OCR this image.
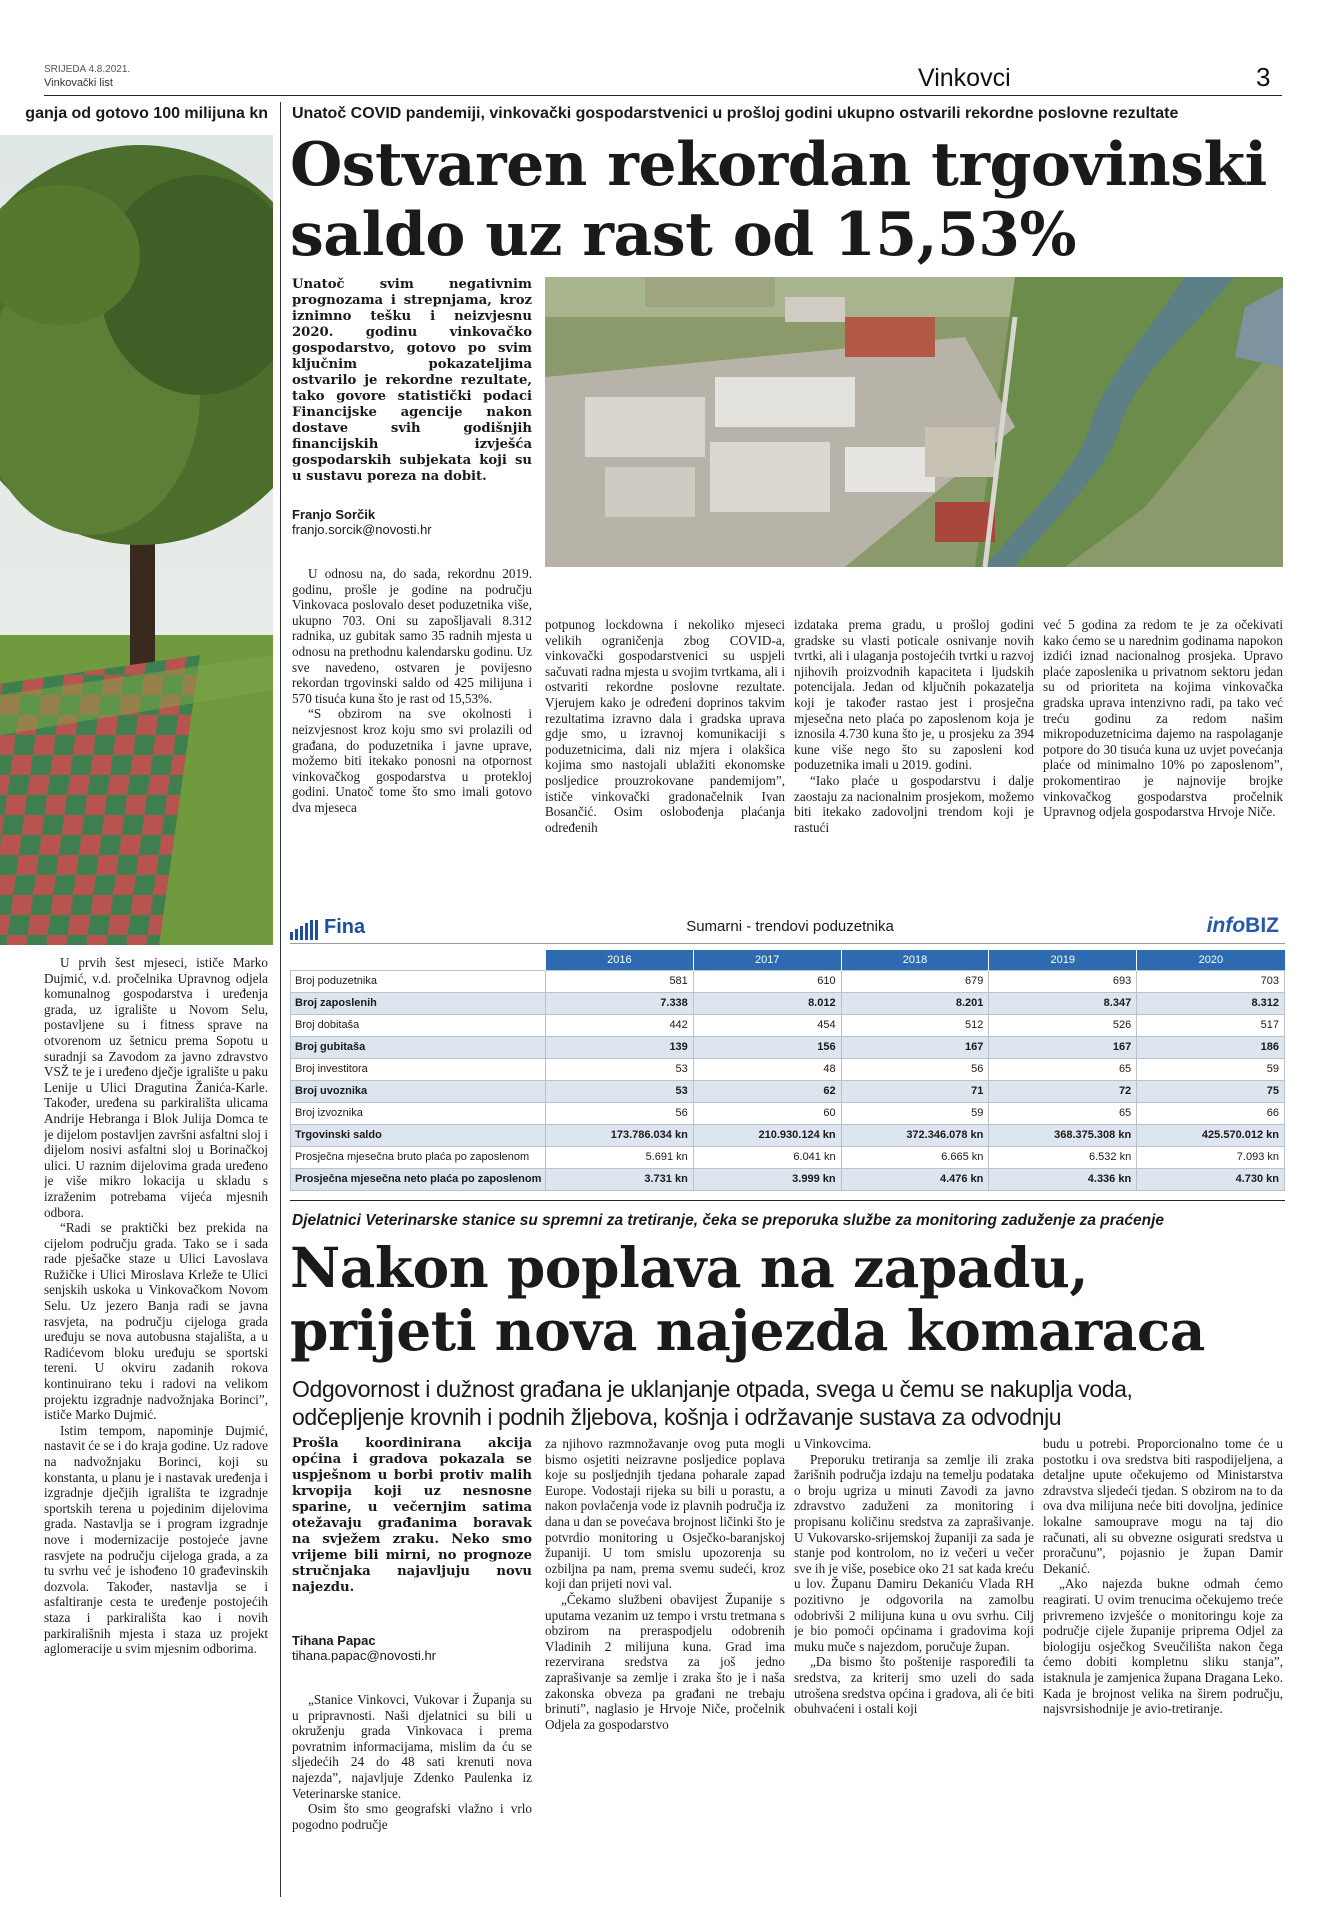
SRIJEDA 4.8.2021.
Vinkovački list	Vinkovci	3
ganja od gotovo 100 milijuna kn

U prvih šest mjeseci, ističe Marko Dujmić, v.d. pročelnika Upravnog odjela komunalnog gospodarstva i uređenja grada, uz igralište u Novom Selu, postavljene su i fitness sprave na otvorenom uz šetnicu prema Sopotu u suradnji sa Zavodom za javno zdravstvo VSŽ te je i uređeno dječje igralište u paku Lenije u Ulici Dragutina Žanića-Karle. Također, uređena su parkirališta ulicama Andrije Hebranga i Blok Julija Domca te je dijelom postavljen završni asfaltni sloj i dijelom nosivi asfaltni sloj u Borinačkoj ulici. U raznim dijelovima grada uređeno je više mikro lokacija u skladu s izraženim potrebama vijeća mjesnih odbora.

“Radi se praktički bez prekida na cijelom području grada. Tako se i sada rade pješačke staze u Ulici Lavoslava Ružičke i Ulici Miroslava Krleže te Ulici senjskih uskoka u Vinkovačkom Novom Selu. Uz jezero Banja radi se javna rasvjeta, na području cijeloga grada uređuju se nova autobusna stajališta, a u Radićevom bloku uređuju se sportski tereni. U okviru zadanih rokova kontinuirano teku i radovi na velikom projektu izgradnje nadvožnjaka Borinci”, ističe Marko Dujmić.

Istim tempom, napominje Dujmić, nastavit će se i do kraja godine. Uz radove na nadvožnjaku Borinci, koji su konstanta, u planu je i nastavak uređenja i izgradnje dječjih igrališta te izgradnje sportskih terena u pojedinim dijelovima grada. Nastavlja se i program izgradnje nove i modernizacije postojeće javne rasvjete na području cijeloga grada, a za tu svrhu već je ishođeno 10 građevinskih dozvola. Također, nastavlja se i asfaltiranje cesta te uređenje postojećih staza i parkirališta kao i novih parkirališnih mjesta i staza uz projekt aglomeracije u svim mjesnim odborima.

Unatoč COVID pandemiji, vinkovački gospodarstvenici u prošloj godini ukupno ostvarili rekordne poslovne rezultate
Ostvaren rekordan trgovinski
saldo uz rast od 15,53%
Unatoč svim negativnim prognozama i strepnjama, kroz iznimno tešku i neizvjesnu 2020. godinu vinkovačko gospodarstvo, gotovo po svim ključnim pokazateljima ostvarilo je rekordne rezultate, tako govore statistički podaci Financijske agencije nakon dostave svih godišnjih financijskih izvješća gospodarskih subjekata koji su u sustavu poreza na dobit.
Franjo Sorčik
franjo.sorcik@novosti.hr

U odnosu na, do sada, rekordnu 2019. godinu, prošle je godine na području Vinkovaca poslovalo deset poduzetnika više, ukupno 703. Oni su zapošljavali 8.312 radnika, uz gubitak samo 35 radnih mjesta u odnosu na prethodnu kalendarsku godinu. Uz sve navedeno, ostvaren je povijesno rekordan trgovinski saldo od 425 milijuna i 570 tisuća kuna što je rast od 15,53%.

“S obzirom na sve okolnosti i neizvjesnost kroz koju smo svi prolazili od građana, do poduzetnika i javne uprave, možemo biti itekako ponosni na otpornost vinkovačkog gospodarstva u protekloj godini. Unatoč tome što smo imali gotovo dva mjeseca

potpunog lockdowna i nekoliko mjeseci velikih ograničenja zbog COVID-a, vinkovački gospodarstvenici su uspjeli sačuvati radna mjesta u svojim tvrtkama, ali i ostvariti rekordne poslovne rezultate. Vjerujem kako je određeni doprinos takvim rezultatima izravno dala i gradska uprava gdje smo, u izravnoj komunikaciji s poduzetnicima, dali niz mjera i olakšica kojima smo nastojali ublažiti ekonomske posljedice prouzrokovane pandemijom”, ističe vinkovački gradonačelnik Ivan Bosančić. Osim oslobođenja plaćanja određenih

izdataka prema gradu, u prošloj godini gradske su vlasti poticale osnivanje novih tvrtki, ali i ulaganja postojećih tvrtki u razvoj njihovih proizvodnih kapaciteta i ljudskih potencijala. Jedan od ključnih pokazatelja koji je također rastao jest i prosječna mjesečna neto plaća po zaposlenom koja je iznosila 4.730 kuna što je, u prosjeku za 394 kune više nego što su zaposleni kod poduzetnika imali u 2019. godini.

“Iako plaće u gospodarstvu i dalje zaostaju za nacionalnim prosjekom, možemo biti itekako zadovoljni trendom koji je rastući

već 5 godina za redom te je za očekivati kako ćemo se u narednim godinama napokon izdići iznad nacionalnog prosjeka. Upravo plaće zaposlenika u privatnom sektoru jedan su od prioriteta na kojima vinkovačka gradska uprava intenzivno radi, pa tako već treću godinu za redom našim mikropoduzetnicima dajemo na raspolaganje potpore do 30 tisuća kuna uz uvjet povećanja plaće od minimalno 10% po zaposlenom”, prokomentirao je najnovije brojke vinkovačkog gospodarstva pročelnik Upravnog odjela gospodarstva Hrvoje Niče.

Fina	Sumarni - trendovi poduzetnika	infoBIZ
	2016	2017	2018	2019	2020
Broj poduzetnika	581	610	679	693	703
Broj zaposlenih	7.338	8.012	8.201	8.347	8.312
Broj dobitaša	442	454	512	526	517
Broj gubitaša	139	156	167	167	186
Broj investitora	53	48	56	65	59
Broj uvoznika	53	62	71	72	75
Broj izvoznika	56	60	59	65	66
Trgovinski saldo	173.786.034 kn	210.930.124 kn	372.346.078 kn	368.375.308 kn	425.570.012 kn
Prosječna mjesečna bruto plaća po zaposlenom	5.691 kn	6.041 kn	6.665 kn	6.532 kn	7.093 kn
Prosječna mjesečna neto plaća po zaposlenom	3.731 kn	3.999 kn	4.476 kn	4.336 kn	4.730 kn
Djelatnici Veterinarske stanice su spremni za tretiranje, čeka se preporuka službe za monitoring zaduženje za praćenje
Nakon poplava na zapadu,
prijeti nova najezda komaraca
Odgovornost i dužnost građana je uklanjanje otpada, svega u čemu se nakuplja voda,
odčepljenje krovnih i podnih žljebova, košnja i održavanje sustava za odvodnju
Prošla koordinirana akcija općina i gradova pokazala se uspješnom u borbi protiv malih krvopija koji uz nesnosne sparine, u večernjim satima otežavaju građanima boravak na svježem zraku. Neko smo vrijeme bili mirni, no prognoze stručnjaka najavljuju novu najezdu.
Tihana Papac
tihana.papac@novosti.hr

„Stanice Vinkovci, Vukovar i Županja su u pripravnosti. Naši djelatnici su bili u okruženju grada Vinkovaca i prema povratnim informacijama, mislim da ću se sljedećih 24 do 48 sati krenuti nova najezda”, najavljuje Zdenko Paulenka iz Veterinarske stanice.

Osim što smo geografski vlažno i vrlo pogodno područje

za njihovo razmnožavanje ovog puta mogli bismo osjetiti neizravne posljedice poplava koje su posljednjih tjedana poharale zapad Europe. Vodostaji rijeka su bili u porastu, a nakon povlačenja vode iz plavnih područja iz dana u dan se povećava brojnost ličinki što je potvrdio monitoring u Osječko-baranjskoj županiji. U tom smislu upozorenja su ozbiljna pa nam, prema svemu sudeći, kroz koji dan prijeti novi val.

„Čekamo službeni obavijest Županije s uputama vezanim uz tempo i vrstu tretmana s obzirom na preraspodjelu odobrenih Vladinih 2 milijuna kuna. Grad ima rezervirana sredstva za još jedno zaprašivanje sa zemlje i zraka što je i naša zakonska obveza pa građani ne trebaju brinuti”, naglasio je Hrvoje Niče, pročelnik Odjela za gospodarstvo

u Vinkovcima.

Preporuku tretiranja sa zemlje ili zraka žarišnih područja izdaju na temelju podataka o broju ugriza u minuti Zavodi za javno zdravstvo zaduženi za monitoring i propisanu količinu sredstva za zaprašivanje. U Vukovarsko-srijemskoj županiji za sada je stanje pod kontrolom, no iz večeri u večer sve ih je više, posebice oko 21 sat kada kreću u lov. Županu Damiru Dekaniću Vlada RH pozitivno je odgovorila na zamolbu odobrivši 2 milijuna kuna u ovu svrhu. Cilj je bio pomoći općinama i gradovima koji muku muče s najezdom, poručuje župan.

„Da bismo što poštenije raspoređili ta sredstva, za kriterij smo uzeli do sada utrošena sredstva općina i gradova, ali će biti obuhvaćeni i ostali koji

budu u potrebi. Proporcionalno tome će u postotku i ova sredstva biti raspodijeljena, a detaljne upute očekujemo od Ministarstva zdravstva sljedeći tjedan. S obzirom na to da ova dva milijuna neće biti dovoljna, jedinice lokalne samouprave mogu na taj dio računati, ali su obvezne osigurati sredstva u proračunu”, pojasnio je župan Damir Dekanić.

„Ako najezda bukne odmah ćemo reagirati. U ovim trenucima očekujemo treće privremeno izvješće o monitoringu koje za područje cijele županije priprema Odjel za biologiju osječkog Sveučilišta nakon čega ćemo dobiti kompletnu sliku stanja”, istaknula je zamjenica župana Dragana Leko. Kada je brojnost velika na širem području, najsvrsishodnije je avio-tretiranje.
